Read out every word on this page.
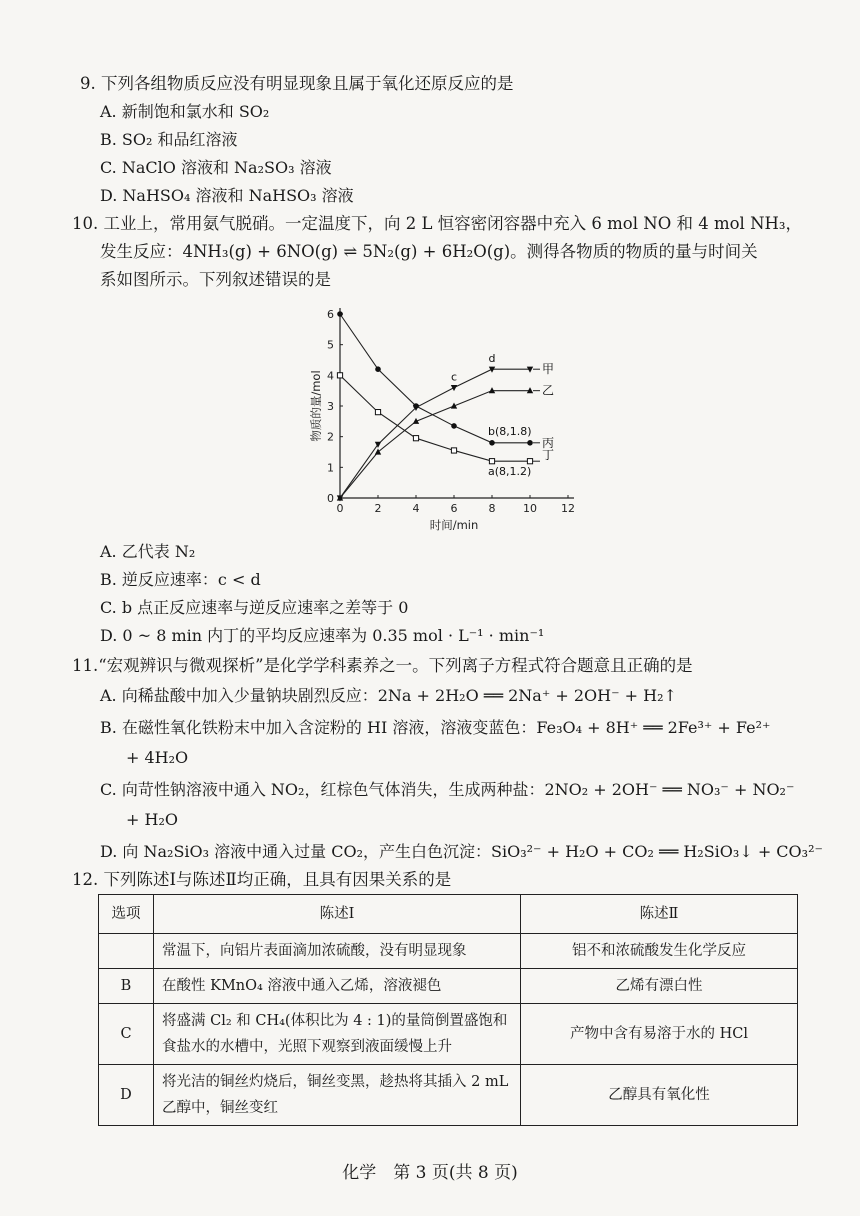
9. 下列各组物质反应没有明显现象且属于氧化还原反应的是
A. 新制饱和氯水和 SO₂
B. SO₂ 和品红溶液
C. NaClO 溶液和 Na₂SO₃ 溶液
D. NaHSO₄ 溶液和 NaHSO₃ 溶液
10. 工业上，常用氨气脱硝。一定温度下，向 2 L 恒容密闭容器中充入 6 mol NO 和 4 mol NH₃，
发生反应：4NH₃(g) + 6NO(g) ⇌ 5N₂(g) + 6H₂O(g)。测得各物质的物质的量与时间关
系如图所示。下列叙述错误的是
0	2	4	6	8	10 12
0
1
2
3
4
5
6
时间/min
物质的量/mol
甲
乙
丙
丁
d
c
b(8,1.8)
a(8,1.2)
A. 乙代表 N₂
B. 逆反应速率：c < d
C. b 点正反应速率与逆反应速率之差等于 0
D. 0 ~ 8 min 内丁的平均反应速率为 0.35 mol · L⁻¹ · min⁻¹
11.“宏观辨识与微观探析”是化学学科素养之一。下列离子方程式符合题意且正确的是
A. 向稀盐酸中加入少量钠块剧烈反应：2Na + 2H₂O ══ 2Na⁺ + 2OH⁻ + H₂↑
B. 在磁性氧化铁粉末中加入含淀粉的 HI 溶液，溶液变蓝色：Fe₃O₄ + 8H⁺ ══ 2Fe³⁺ + Fe²⁺
+ 4H₂O
C. 向苛性钠溶液中通入 NO₂，红棕色气体消失，生成两种盐：2NO₂ + 2OH⁻ ══ NO₃⁻ + NO₂⁻
+ H₂O
D. 向 Na₂SiO₃ 溶液中通入过量 CO₂，产生白色沉淀：SiO₃²⁻ + H₂O + CO₂ ══ H₂SiO₃↓ + CO₃²⁻
12. 下列陈述Ⅰ与陈述Ⅱ均正确，且具有因果关系的是
选项	陈述Ⅰ	陈述Ⅱ
	常温下，向铝片表面滴加浓硫酸，没有明显现象	铝不和浓硫酸发生化学反应
B	在酸性 KMnO₄ 溶液中通入乙烯，溶液褪色	乙烯有漂白性
C	将盛满 Cl₂ 和 CH₄(体积比为 4 : 1)的量筒倒置盛饱和食盐水的水槽中，光照下观察到液面缓慢上升	产物中含有易溶于水的 HCl
D	将光洁的铜丝灼烧后，铜丝变黑，趁热将其插入 2 mL乙醇中，铜丝变红	乙醇具有氧化性
化学　第 3 页(共 8 页)
